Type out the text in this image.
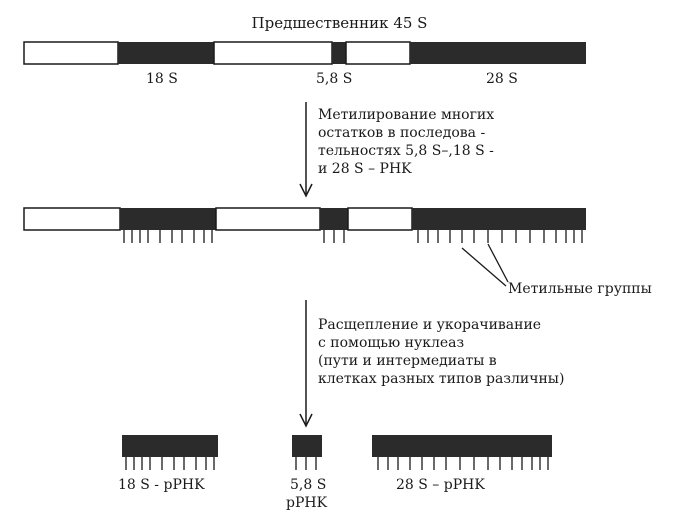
Предшественник 45 S
18 S	5,8 S	28 S
Метилирование многих
остатков в последова -
тельностях 5,8 S–,18 S -
и 28 S – PHK
Метильные группы
Расщепление и укорачивание
с помощью нуклеаз
(пути и интермедиаты в
клетках разных типов различны)
18 S - pPHK	5,8 S
pPHK
28 S – pPHK
